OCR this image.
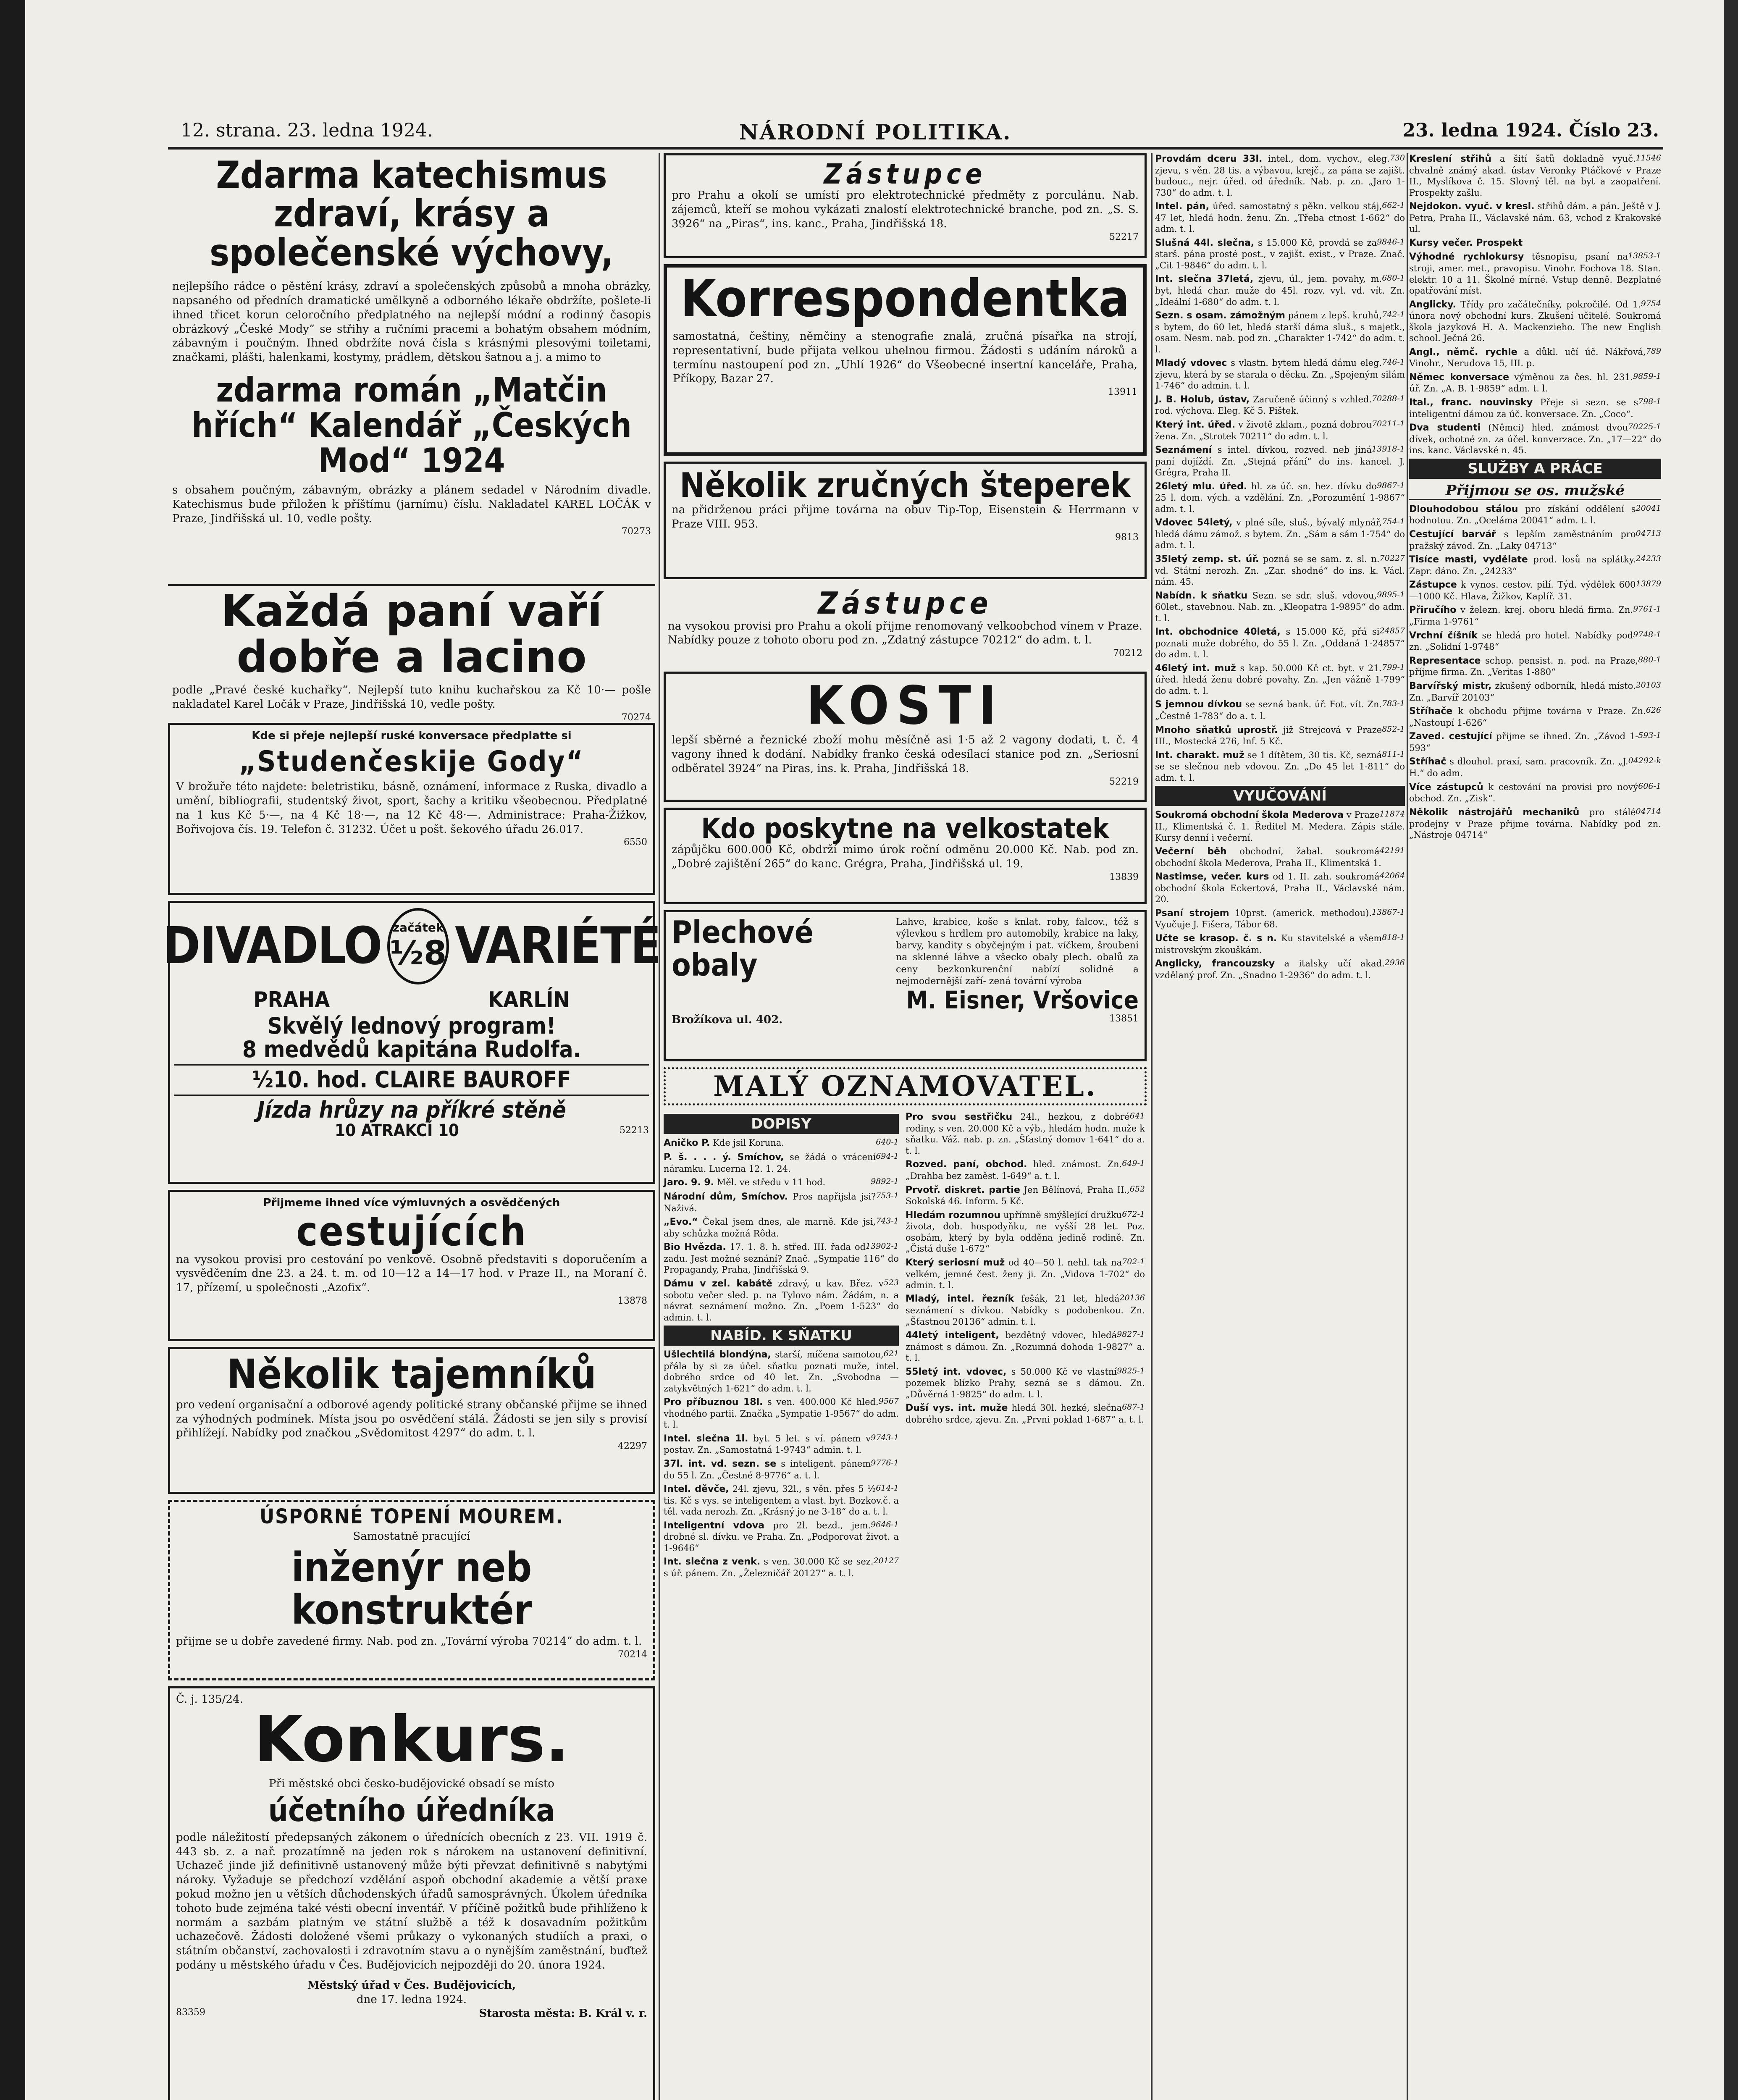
12. strana. 23. ledna 1924.	NÁRODNÍ POLITIKA.	23. ledna 1924. Číslo 23.
Zdarma katechismus zdraví, krásy a společenské výchovy,
nejlepšího rádce o pěstění krásy, zdraví a společenských způsobů a mnoha obrázky, napsaného od předních dramatické umělkyně a odborného lékaře obdržíte, pošlete-li ihned třicet korun celoročního předplatného na nejlepší módní a rodinný časopis obrázkový „České Mody“ se střihy a ručními pracemi a bohatým obsahem módním, zábavným i poučným. Ihned obdržíte nová čísla s krásnými plesovými toiletami, značkami, plášti, halenkami, kostymy, prádlem, dětskou šatnou a j. a mimo to
zdarma román „Matčin hřích“ Kalendář „Českých Mod“ 1924
s obsahem poučným, zábavným, obrázky a plánem sedadel v Národním divadle. Katechismus bude přiložen k příštímu (jarnímu) číslu. Nakladatel KAREL LOČÁK v Praze, Jindřišská ul. 10, vedle pošty.
70273
Každá paní vaří dobře a lacino
podle „Pravé české kuchařky“. Nejlepší tuto knihu kuchařskou za Kč 10·— pošle nakladatel Karel Ločák v Praze, Jindřišská 10, vedle pošty.
70274
Kde si přeje nejlepší ruské konversace předplatte si
„Studenčeskije Gody“
V brožuře této najdete: beletristiku, básně, oznámení, informace z Ruska, divadlo a umění, bibliografii, studentský život, sport, šachy a kritiku všeobecnou. Předplatné na 1 kus Kč 5·—, na 4 Kč 18·—, na 12 Kč 48·—. Administrace: Praha-Žižkov, Bořivojova čís. 19. Telefon č. 31232. Účet u pošt. šekového úřadu 26.017.
6550
DIVADLO začátek
½8 VARIÉTÉ
PRAHA	KARLÍN
Skvělý lednový program!
8 medvědů kapitána Rudolfa.
½10. hod. CLAIRE BAUROFF
Jízda hrůzy na příkré stěně
10 ATRAKCÍ 10	52213
Přijmeme ihned více výmluvných a osvědčených
cestujících
na vysokou provisi pro cestování po venkově. Osobně představiti s doporučením a vysvědčením dne 23. a 24. t. m. od 10—12 a 14—17 hod. v Praze II., na Moraní č. 17, přízemí, u společnosti „Azofix“.
13878
Několik tajemníků
pro vedení organisační a odborové agendy politické strany občanské přijme se ihned za výhodných podmínek. Místa jsou po osvědčení stálá. Žádosti se jen sily s provisí přihlížejí. Nabídky pod značkou „Svědomitost 4297“ do adm. t. l.
42297
ÚSPORNÉ TOPENÍ MOUREM.
Samostatně pracující
inženýr neb konstruktér
přijme se u dobře zavedené firmy. Nab. pod zn. „Tovární výroba 70214“ do adm. t. l.
70214
Č. j. 135/24.
Konkurs.
Při městské obci česko-budějovické obsadí se místo
účetního úředníka
podle náležitostí předepsaných zákonem o úřednících obecních z 23. VII. 1919 č. 443 sb. z. a nař. prozatímně na jeden rok s nárokem na ustanovení definitivní. Uchazeč jinde již definitivně ustanovený může býti převzat definitivně s nabytými nároky. Vyžaduje se předchozí vzdělání aspoň obchodní akademie a větší praxe pokud možno jen u větších důchodenských úřadů samosprávných. Úkolem úředníka tohoto bude zejména také vésti obecní inventář. V příčině požitků bude přihlíženo k normám a sazbám platným ve státní službě a též k dosavadním požitkům uchazečově. Žádosti doložené všemi průkazy o vykonaných studiích a praxi, o státním občanství, zachovalosti i zdravotním stavu a o nynějším zaměstnání, buďtež podány u městského úřadu v Čes. Budějovicích nejpozději do 20. února 1924.
Městský úřad v Čes. Budějovicích,
dne 17. ledna 1924.
83359	Starosta města: B. Král v. r.
Zástupce
pro Prahu a okolí se umístí pro elektrotechnické předměty z porculánu. Nab. zájemců, kteří se mohou vykázati znalostí elektrotechnické branche, pod zn. „S. S. 3926“ na „Piras“, ins. kanc., Praha, Jindřišská 18.
52217
Korrespondentka
samostatná, češtiny, němčiny a stenografie znalá, zručná písařka na strojí, representativní, bude přijata velkou uhelnou firmou. Žádosti s udáním nároků a termínu nastoupení pod zn. „Uhlí 1926“ do Všeobecné insertní kanceláře, Praha, Příkopy, Bazar 27.
13911
Několik zručných šteperek
na přidrženou práci přijme továrna na obuv Tip-Top, Eisenstein & Herrmann v Praze VIII. 953.
9813
Zástupce
na vysokou provisi pro Prahu a okolí přijme renomovaný velkoobchod vínem v Praze. Nabídky pouze z tohoto oboru pod zn. „Zdatný zástupce 70212“ do adm. t. l.
70212
KOSTI
lepší sběrné a řeznické zboží mohu měsíčně asi 1·5 až 2 vagony dodati, t. č. 4 vagony ihned k dodání. Nabídky franko česká odesílací stanice pod zn. „Seriosní odběratel 3924“ na Piras, ins. k. Praha, Jindřišská 18.
52219
Kdo poskytne na velkostatek
zápůjčku 600.000 Kč, obdrží mimo úrok roční odměnu 20.000 Kč. Nab. pod zn. „Dobré zajištění 265“ do kanc. Grégra, Praha, Jindřišská ul. 19.
13839
Plechové obaly
Lahve, krabice, koše s knlat. roby, falcov., též s výlevkou s hrdlem pro automobily, krabice na laky, barvy, kandity s obyčejným i pat. víčkem, šroubení na sklenné láhve a všecko obaly plech. obalů za ceny bezkonkurenční nabízí solidně a nejmodernější zaří- zená tovární výroba
M. Eisner, Vršovice
Brožíkova ul. 402.	13851
MALÝ OZNAMOVATEL.
DOPISY
640-1
Aničko P. Kde jsil Koruna.
694-1
P. š. . . . ý. Smíchov, se žádá o vrácení náramku. Lucerna 12. 1. 24.
9892-1
Jaro. 9. 9. Měl. ve středu v 11 hod.
753-1
Národní dům, Smíchov. Pros napřijsla jsi? Naživá.
743-1
„Evo.“ Čekal jsem dnes, ale marně. Kde jsi, aby schůzka možná Rôda.
13902-1
Bio Hvězda. 17. 1. 8. h. střed. III. řada od zadu. Jest možné seznání? Znač. „Sympatie 116“ do Propagandy, Praha, Jindřišská 9.
523
Dámu v zel. kabátě zdravý, u kav. Břez. v sobotu večer sled. p. na Tylovo nám. Žádám, n. a návrat seznámení možno. Zn. „Poem 1-523“ do admin. t. l.
NABÍD. K SŇATKU
621
Ušlechtilá blondýna, starší, míčena samotou, přála by si za účel. sňatku poznati muže, intel. dobrého srdce od 40 let. Zn. „Svobodna — zatykvětných 1-621“ do adm. t. l.
9567
Pro příbuznou 18l. s ven. 400.000 Kč hled. vhodného partii. Značka „Sympatie 1-9567“ do adm. t. l.
9743-1
Intel. slečna 1l. byt. 5 let. s ví. pánem v postav. Zn. „Samostatná 1-9743“ admin. t. l.
9776-1
37l. int. vd. sezn. se s inteligent. pánem do 55 l. Zn. „Čestné 8-9776“ a. t. l.
614-1
Intel. děvče, 24l. zjevu, 32l., s věn. přes 5 ½ tis. Kč s vys. se inteligentem a vlast. byt. Bozkov.č. a těl. vada nerozh. Zn. „Krásný jo ne 3-18“ do a. t. l.
9646-1
Inteligentní vdova pro 2l. bezd., jem. drobné sl. dívku. ve Praha. Zn. „Podporovat život. a 1-9646“
20127
Int. slečna z venk. s ven. 30.000 Kč se sez. s úř. pánem. Zn. „Železničář 20127“ a. t. l.
641
Pro svou sestřičku 24l., hezkou, z dobré rodiny, s ven. 20.000 Kč a výb., hledám hodn. muže k sňatku. Váž. nab. p. zn. „Šťastný domov 1-641“ do a. t. l.
649-1
Rozved. paní, obchod. hled. známost. Zn. „Drahba bez zaměst. 1-649“ a. t. l.
652
Prvotř. diskret. partie Jen Bělínová, Praha II., Sokolská 46. Inform. 5 Kč.
672-1
Hledám rozumnou upřímně smýšlející družku života, dob. hospodyňku, ne vyšší 28 let. Poz. osobám, který by byla odděna jedině rodině. Zn. „Čistá duše 1-672“
702-1
Který seriosní muž od 40—50 l. nehl. tak na velkém, jemné čest. ženy ji. Zn. „Vidova 1-702“ do admin. t. l.
20136
Mladý, intel. řezník fešák, 21 let, hledá seznámení s dívkou. Nabídky s podobenkou. Zn. „Šťastnou 20136“ admin. t. l.
9827-1
44letý inteligent, bezdětný vdovec, hledá známost s dámou. Zn. „Rozumná dohoda 1-9827“ a. t. l.
9825-1
55letý int. vdovec, s 50.000 Kč ve vlastní pozemek blízko Prahy, sezná se s dámou. Zn. „Důvěrná 1-9825“ do adm. t. l.
687-1
Duší vys. int. muže hledá 30l. hezké, slečna dobrého srdce, zjevu. Zn. „Prvni poklad 1-687“ a. t. l.
730
Provdám dceru 33l. intel., dom. vychov., eleg. zjevu, s věn. 28 tis. a výbavou, krejč., za pána se zajišt. budouc., nejr. úřed. od úředník. Nab. p. zn. „Jaro 1-730“ do adm. t. l.
662-1
Intel. pán, úřed. samostatný s pěkn. velkou stáj, 47 let, hledá hodn. ženu. Zn. „Třeba ctnost 1-662“ do adm. t. l.
9846-1
Slušná 44l. slečna, s 15.000 Kč, provdá se za starš. pána prosté post., v zajišt. exist., v Praze. Znač. „Cit 1-9846“ do adm. t. l.
680-1
Int. slečna 37letá, zjevu, úl., jem. povahy, m. byt, hledá char. muže do 45l. rozv. vyl. vd. vít. Zn. „Ideální 1-680“ do adm. t. l.
742-1
Sezn. s osam. zámožným pánem z lepš. kruhů, s bytem, do 60 let, hledá starší dáma sluš., s majetk., osam. Nesm. nab. pod zn. „Charakter 1-742“ do adm. t. l.
746-1
Mladý vdovec s vlastn. bytem hledá dámu eleg. zjevu, která by se starala o děcku. Zn. „Spojeným silám 1-746“ do admin. t. l.
70288-1
J. B. Holub, ústav, Zaručeně účinný s vzhled. rod. výchova. Eleg. Kč 5. Pištek.
70211-1
Který int. úřed. v životě zklam., pozná dobrou žena. Zn. „Strotek 70211“ do adm. t. l.
13918-1
Seznámení s intel. dívkou, rozved. neb jiná paní dojíždí. Zn. „Stejná přání“ do ins. kancel. J. Grégra, Praha II.
9867-1
26letý mlu. úřed. hl. za úč. sn. hez. dívku do 25 l. dom. vých. a vzdělání. Zn. „Porozumění 1-9867“ adm. t. l.
754-1
Vdovec 54letý, v plné síle, sluš., bývalý mlynář, hledá dámu zámož. s bytem. Zn. „Sám a sám 1-754“ do adm. t. l.
70227
35letý zemp. st. úř. pozná se se sam. z. sl. n. vd. Státní nerozh. Zn. „Zar. shodné“ do ins. k. Václ. nám. 45.
9895-1
Nabídn. k sňatku Sezn. se sdr. sluš. vdovou, 60let., stavebnou. Nab. zn. „Kleopatra 1-9895“ do adm. t. l.
24857
Int. obchodnice 40letá, s 15.000 Kč, přá si poznati muže dobrého, do 55 l. Zn. „Oddaná 1-24857“ do adm. t. l.
799-1
46letý int. muž s kap. 50.000 Kč ct. byt. v 21. úřed. hledá ženu dobré povahy. Zn. „Jen vážně 1-799“ do adm. t. l.
783-1
S jemnou dívkou se sezná bank. úř. Fot. vít. Zn. „Čestně 1-783“ do a. t. l.
852-1
Mnoho sňatků uprostř. již Strejcová v Praze III., Mostecká 276, Inf. 5 Kč.
811-1
Int. charakt. muž se 1 dítětem, 30 tis. Kč, sezná se se slečnou neb vdovou. Zn. „Do 45 let 1-811“ do adm. t. l.
VYUČOVÁNÍ
11874
Soukromá obchodní škola Mederova v Praze II., Klimentská č. 1. Ředitel M. Medera. Zápis stále. Kursy denní i večerní.
42191
Večerní běh obchodní, žabal. soukromá obchodní škola Mederova, Praha II., Klimentská 1.
42064
Nastimse, večer. kurs od 1. II. zah. soukromá obchodní škola Eckertová, Praha II., Václavské nám. 20.
13867-1
Psaní strojem 10prst. (americk. methodou). Vyučuje J. Fišera, Tábor 68.
818-1
Učte se krasop. č. s n. Ku stavitelské a všem mistrovským zkouškám.
2936
Anglicky, francouzsky a italsky učí akad. vzdělaný prof. Zn. „Snadno 1-2936“ do adm. t. l.
11546
Kreslení střihů a šití šatů dokladně vyuč. chvalně známý akad. ústav Veronky Ptáčkové v Praze II., Myslíkova č. 15. Slovný těl. na byt a zaopatření. Prospekty zašlu.
Nejdokon. vyuč. v kresl. střihů dám. a pán. Ještě v J. Petra, Praha II., Václavské nám. 63, vchod z Krakovské ul.
Kursy večer. Prospekt
13853-1
Výhodné rychlokursy těsnopisu, psaní na stroji, amer. met., pravopisu. Vinohr. Fochova 18. Stan. elektr. 10 a 11. Školné mírné. Vstup denně. Bezplatné opatřování míst.
9754
Anglicky. Třídy pro začátečníky, pokročilé. Od 1. února nový obchodní kurs. Zkušení učitelé. Soukromá škola jazyková H. A. Mackenzieho. The new English school. Ječná 26.
789
Angl., němč. rychle a důkl. učí úč. Nákřová, Vinohr., Nerudova 15, III. p.
9859-1
Němec konversace výměnou za čes. hl. 231. úř. Zn. „A. B. 1-9859“ adm. t. l.
798-1
Ital., franc. nouvinsky Přeje si sezn. se s inteligentní dámou za úč. konversace. Zn. „Coco“.
70225-1
Dva studenti (Němci) hled. známost dvou dívek, ochotné zn. za účel. konverzace. Zn. „17—22“ do ins. kanc. Václavské n. 45.
SLUŽBY A PRÁCE
Přijmou se os. mužské
20041
Dlouhodobou stálou pro získání oddělení s hodnotou. Zn. „Oceláma 20041“ adm. t. l.
04713
Cestující barvář s lepším zaměstnáním pro pražský závod. Zn. „Laky 04713“
24233
Tisíce masti, vydělate prod. losů na splátky. Zapr. dáno. Zn. „24233“
13879
Zástupce k vynos. cestov. pilí. Týd. výdělek 600—1000 Kč. Hlava, Žižkov, Kaplíř. 31.
9761-1
Přiručího v železn. krej. oboru hledá firma. Zn. „Firma 1-9761“
9748-1
Vrchní číšník se hledá pro hotel. Nabídky pod zn. „Solidní 1-9748“
880-1
Representace schop. pensist. n. pod. na Praze, příjme firma. Zn. „Veritas 1-880“
20103
Barvířský mistr, zkušený odborník, hledá místo. Zn. „Barvíř 20103“
626
Stříhače k obchodu přijme továrna v Praze. Zn. „Nastoupí 1-626“
593-1
Zaved. cestující přijme se ihned. Zn. „Závod 1-593“
04292-k
Stříhač s dlouhol. praxí, sam. pracovník. Zn. „J. H.“ do adm.
606-1
Více zástupců k cestování na provisi pro nový obchod. Zn. „Zisk“.
04714
Několik nástrojářů mechaniků pro stálé prodejny v Praze přijme továrna. Nabídky pod zn. „Nástroje 04714“
